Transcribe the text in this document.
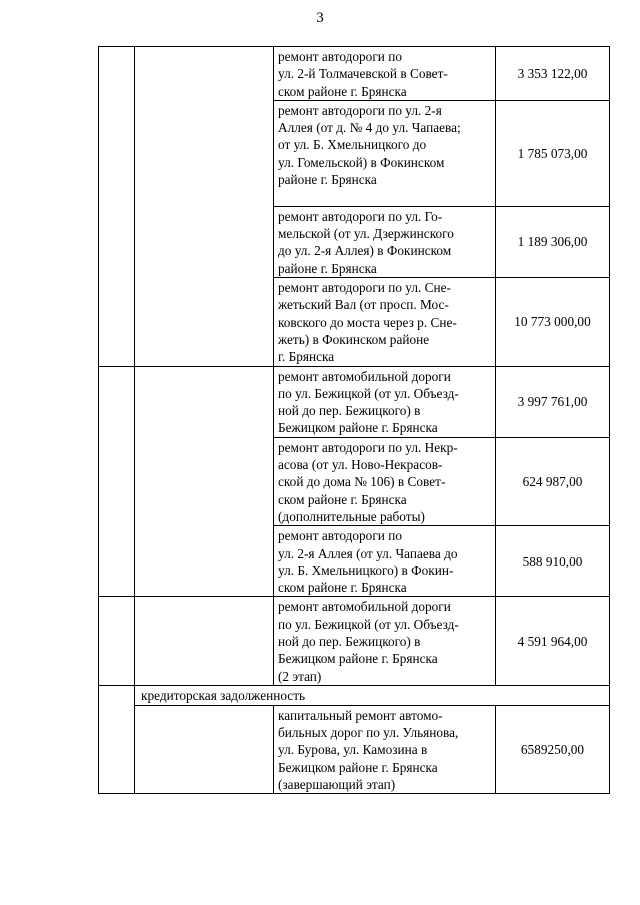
3

		ремонт автодороги по
ул. 2-й Толмачевской в Совет-
ском районе г. Брянска	3 353 122,00

		ремонт автодороги по ул. 2-я
Аллея (от д. № 4 до ул. Чапаева;
от ул. Б. Хмельницкого до
ул. Гомельской) в Фокинском
районе г. Брянска	1 785 073,00

		ремонт автодороги по ул. Го-
мельской (от ул. Дзержинского
до ул. 2-я Аллея) в Фокинском
районе г. Брянска	1 189 306,00

		ремонт автодороги по ул. Сне-
жетьский Вал (от просп. Мос-
ковского до моста через р. Сне-
жеть) в Фокинском районе
г. Брянска	10 773 000,00

		ремонт автомобильной дороги
по ул. Бежицкой (от ул. Объезд-
ной до пер. Бежицкого) в
Бежицком районе г. Брянска	3 997 761,00

		ремонт автодороги по ул. Некр-
асова (от ул. Ново-Некрасов-
ской до дома № 106) в Совет-
ском районе г. Брянска
(дополнительные работы)	624 987,00

		ремонт автодороги по
ул. 2-я Аллея (от ул. Чапаева до
ул. Б. Хмельницкого) в Фокин-
ском районе г. Брянска	588 910,00

		ремонт автомобильной дороги
по ул. Бежицкой (от ул. Объезд-
ной до пер. Бежицкого) в
Бежицком районе г. Брянска
(2 этап)	4 591 964,00
	кредиторская задолженность		

		капитальный ремонт автомо-
бильных дорог по ул. Ульянова,
ул. Бурова, ул. Камозина в
Бежицком районе г. Брянска
(завершающий этап)	6589250,00
